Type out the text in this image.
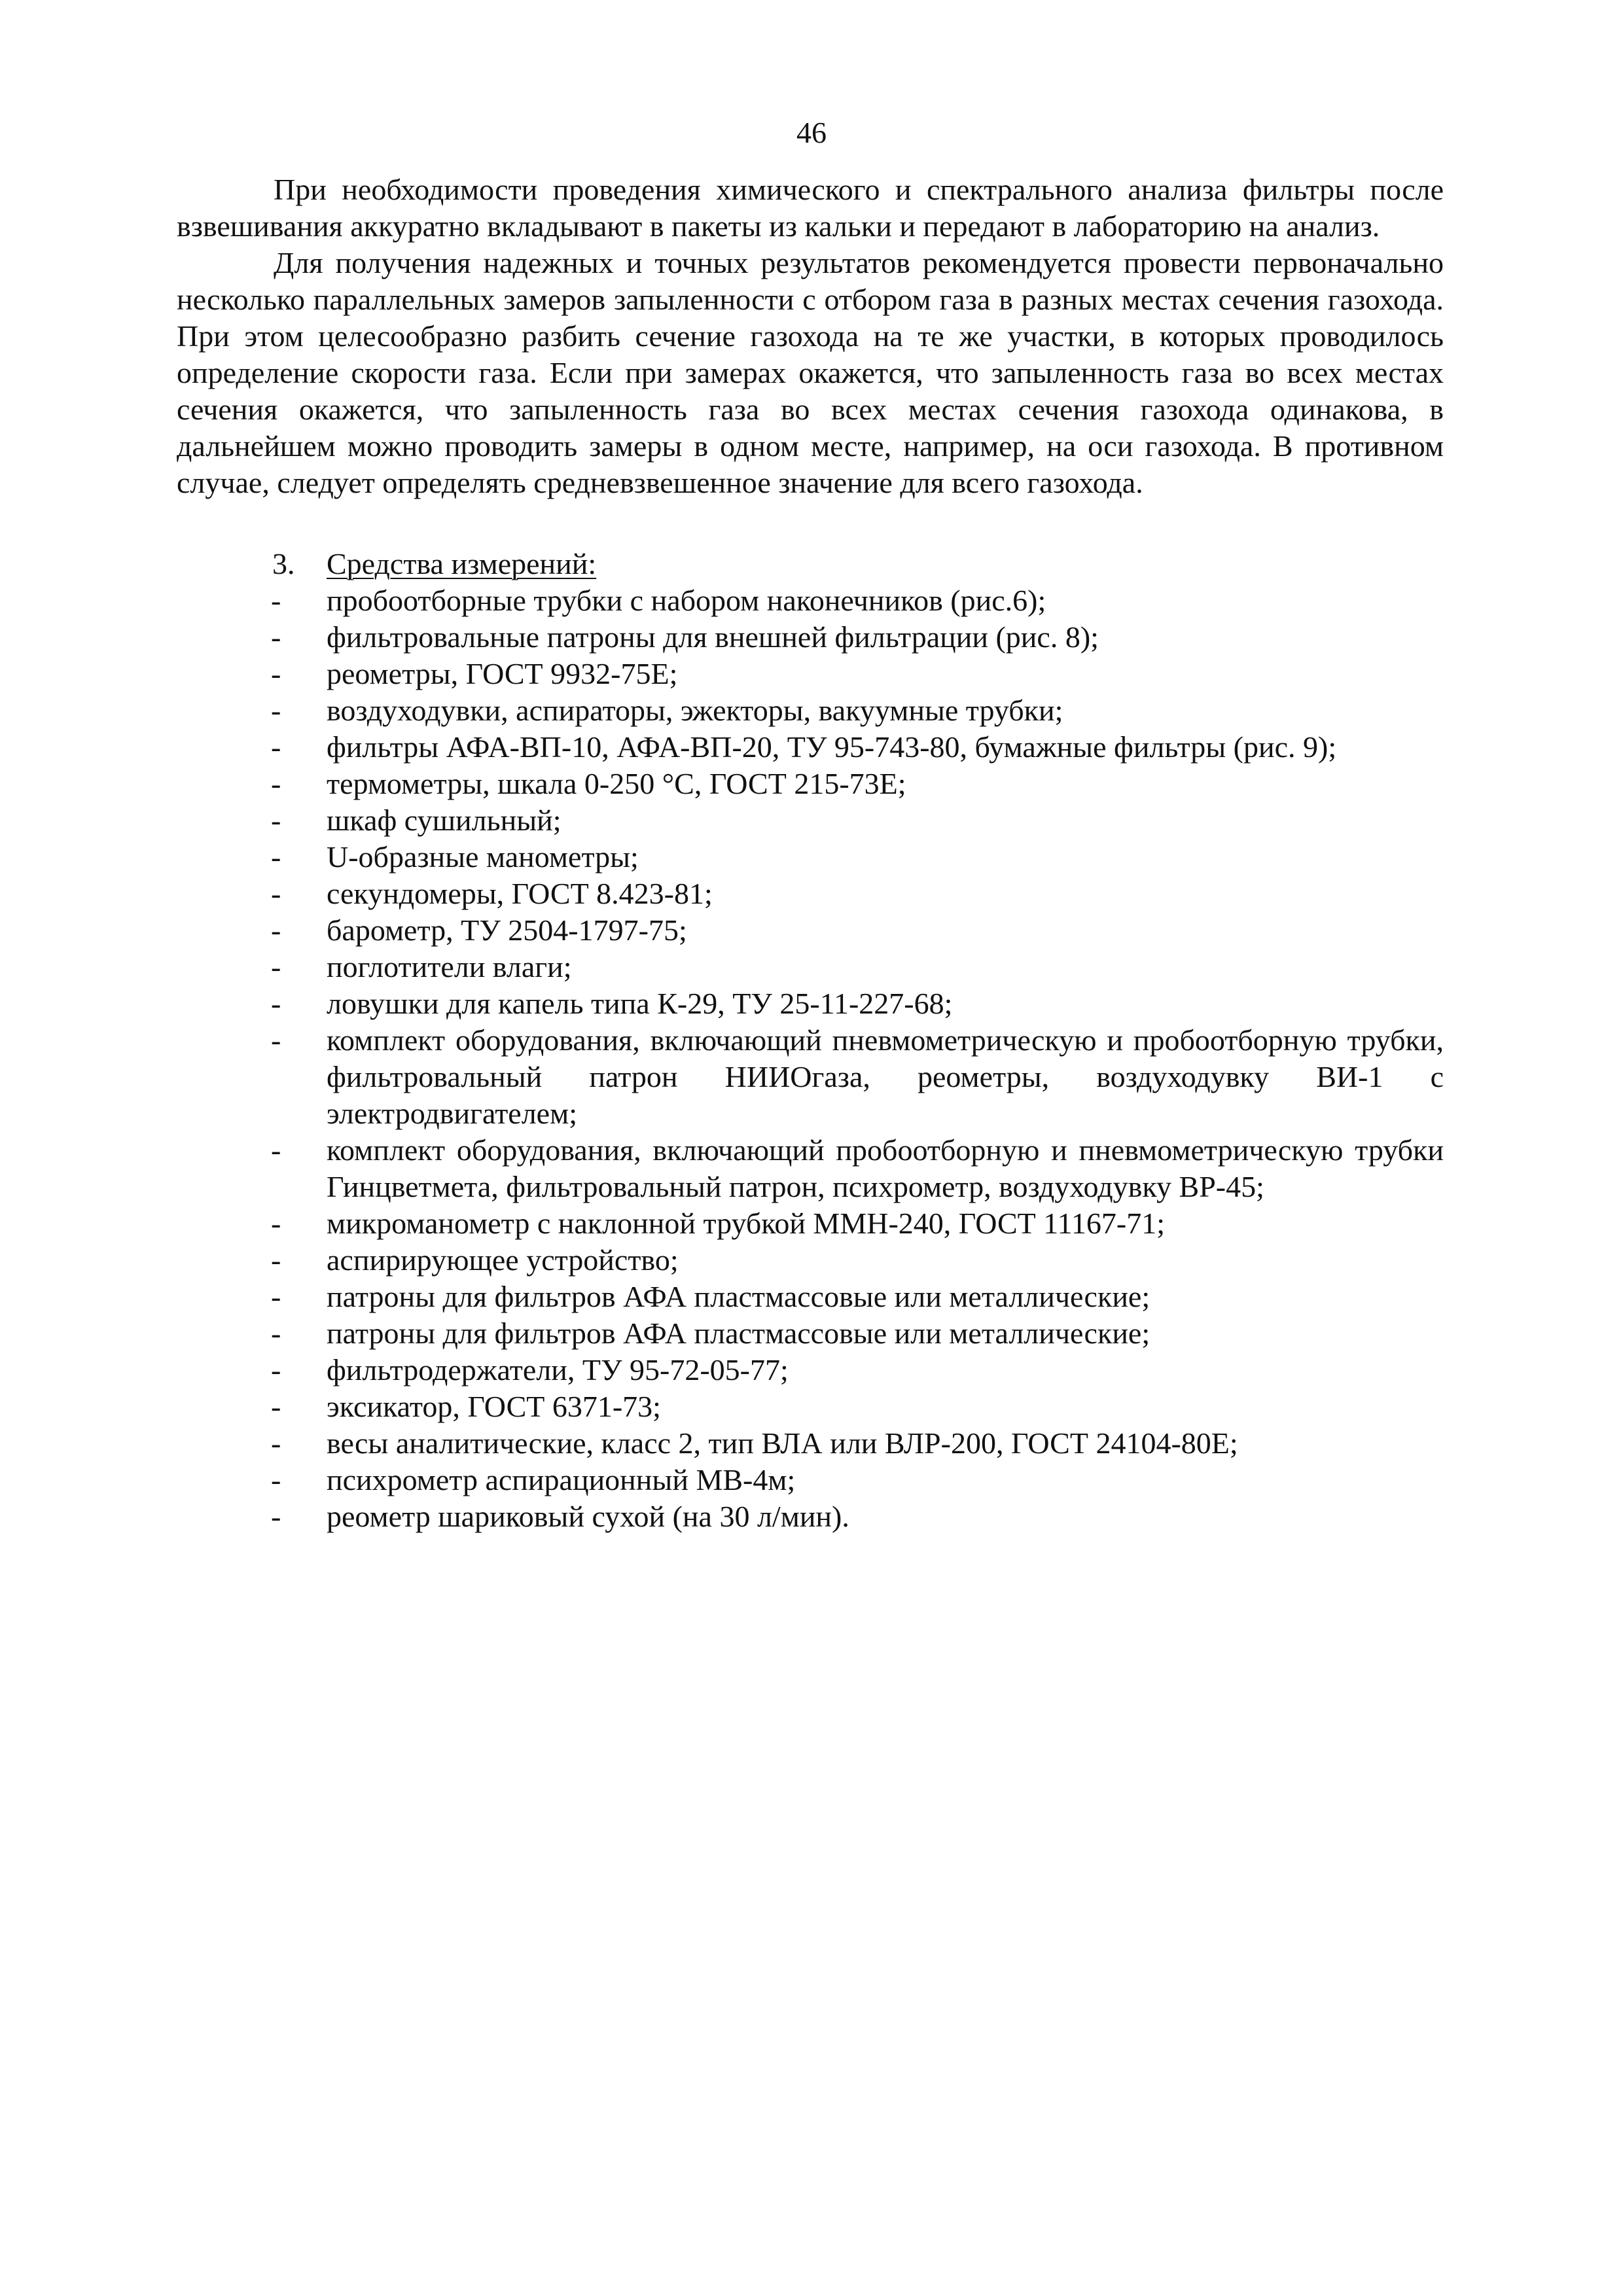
46

При необходимости проведения химического и спектрального анализа фильтры после взвешивания аккуратно вкладывают в пакеты из кальки и передают в лабораторию на анализ.

Для получения надежных и точных результатов рекомендуется провести первоначально несколько параллельных замеров запыленности с отбором газа в разных местах сечения газохода. При этом целесообразно разбить сечение газохода на те же участки, в которых проводилось определение скорости газа. Если при замерах окажется, что запыленность газа во всех местах сечения окажется, что запыленность газа во всех местах сечения газохода одинакова, в дальнейшем можно проводить замеры в одном месте, например, на оси газохода. В противном случае, следует определять средневзвешенное значение для всего газохода.

3. Средства измерений:
- пробоотборные трубки с набором наконечников (рис.6);
- фильтровальные патроны для внешней фильтрации (рис. 8);
- реометры, ГОСТ 9932-75Е;
- воздуходувки, аспираторы, эжекторы, вакуумные трубки;
- фильтры АФА-ВП-10, АФА-ВП-20, ТУ 95-743-80, бумажные фильтры (рис. 9);
- термометры, шкала 0-250 °С, ГОСТ 215-73Е;
- шкаф сушильный;
- U-образные манометры;
- секундомеры, ГОСТ 8.423-81;
- барометр, ТУ 2504-1797-75;
- поглотители влаги;
- ловушки для капель типа К-29, ТУ 25-11-227-68;
- комплект оборудования, включающий пневмометрическую и пробоотборную трубки, фильтровальный патрон НИИОгаза, реометры, воздуходувку ВИ-1 с электродвигателем;
- комплект оборудования, включающий пробоотборную и пневмометрическую трубки Гинцветмета, фильтровальный патрон, психрометр, воздуходувку ВР-45;
- микроманометр с наклонной трубкой ММН-240, ГОСТ 11167-71;
- аспирирующее устройство;
- патроны для фильтров АФА пластмассовые или металлические;
- патроны для фильтров АФА пластмассовые или металлические;
- фильтродержатели, ТУ 95-72-05-77;
- эксикатор, ГОСТ 6371-73;
- весы аналитические, класс 2, тип ВЛА или ВЛР-200, ГОСТ 24104-80Е;
- психрометр аспирационный МВ-4м;
- реометр шариковый сухой (на 30 л/мин).
